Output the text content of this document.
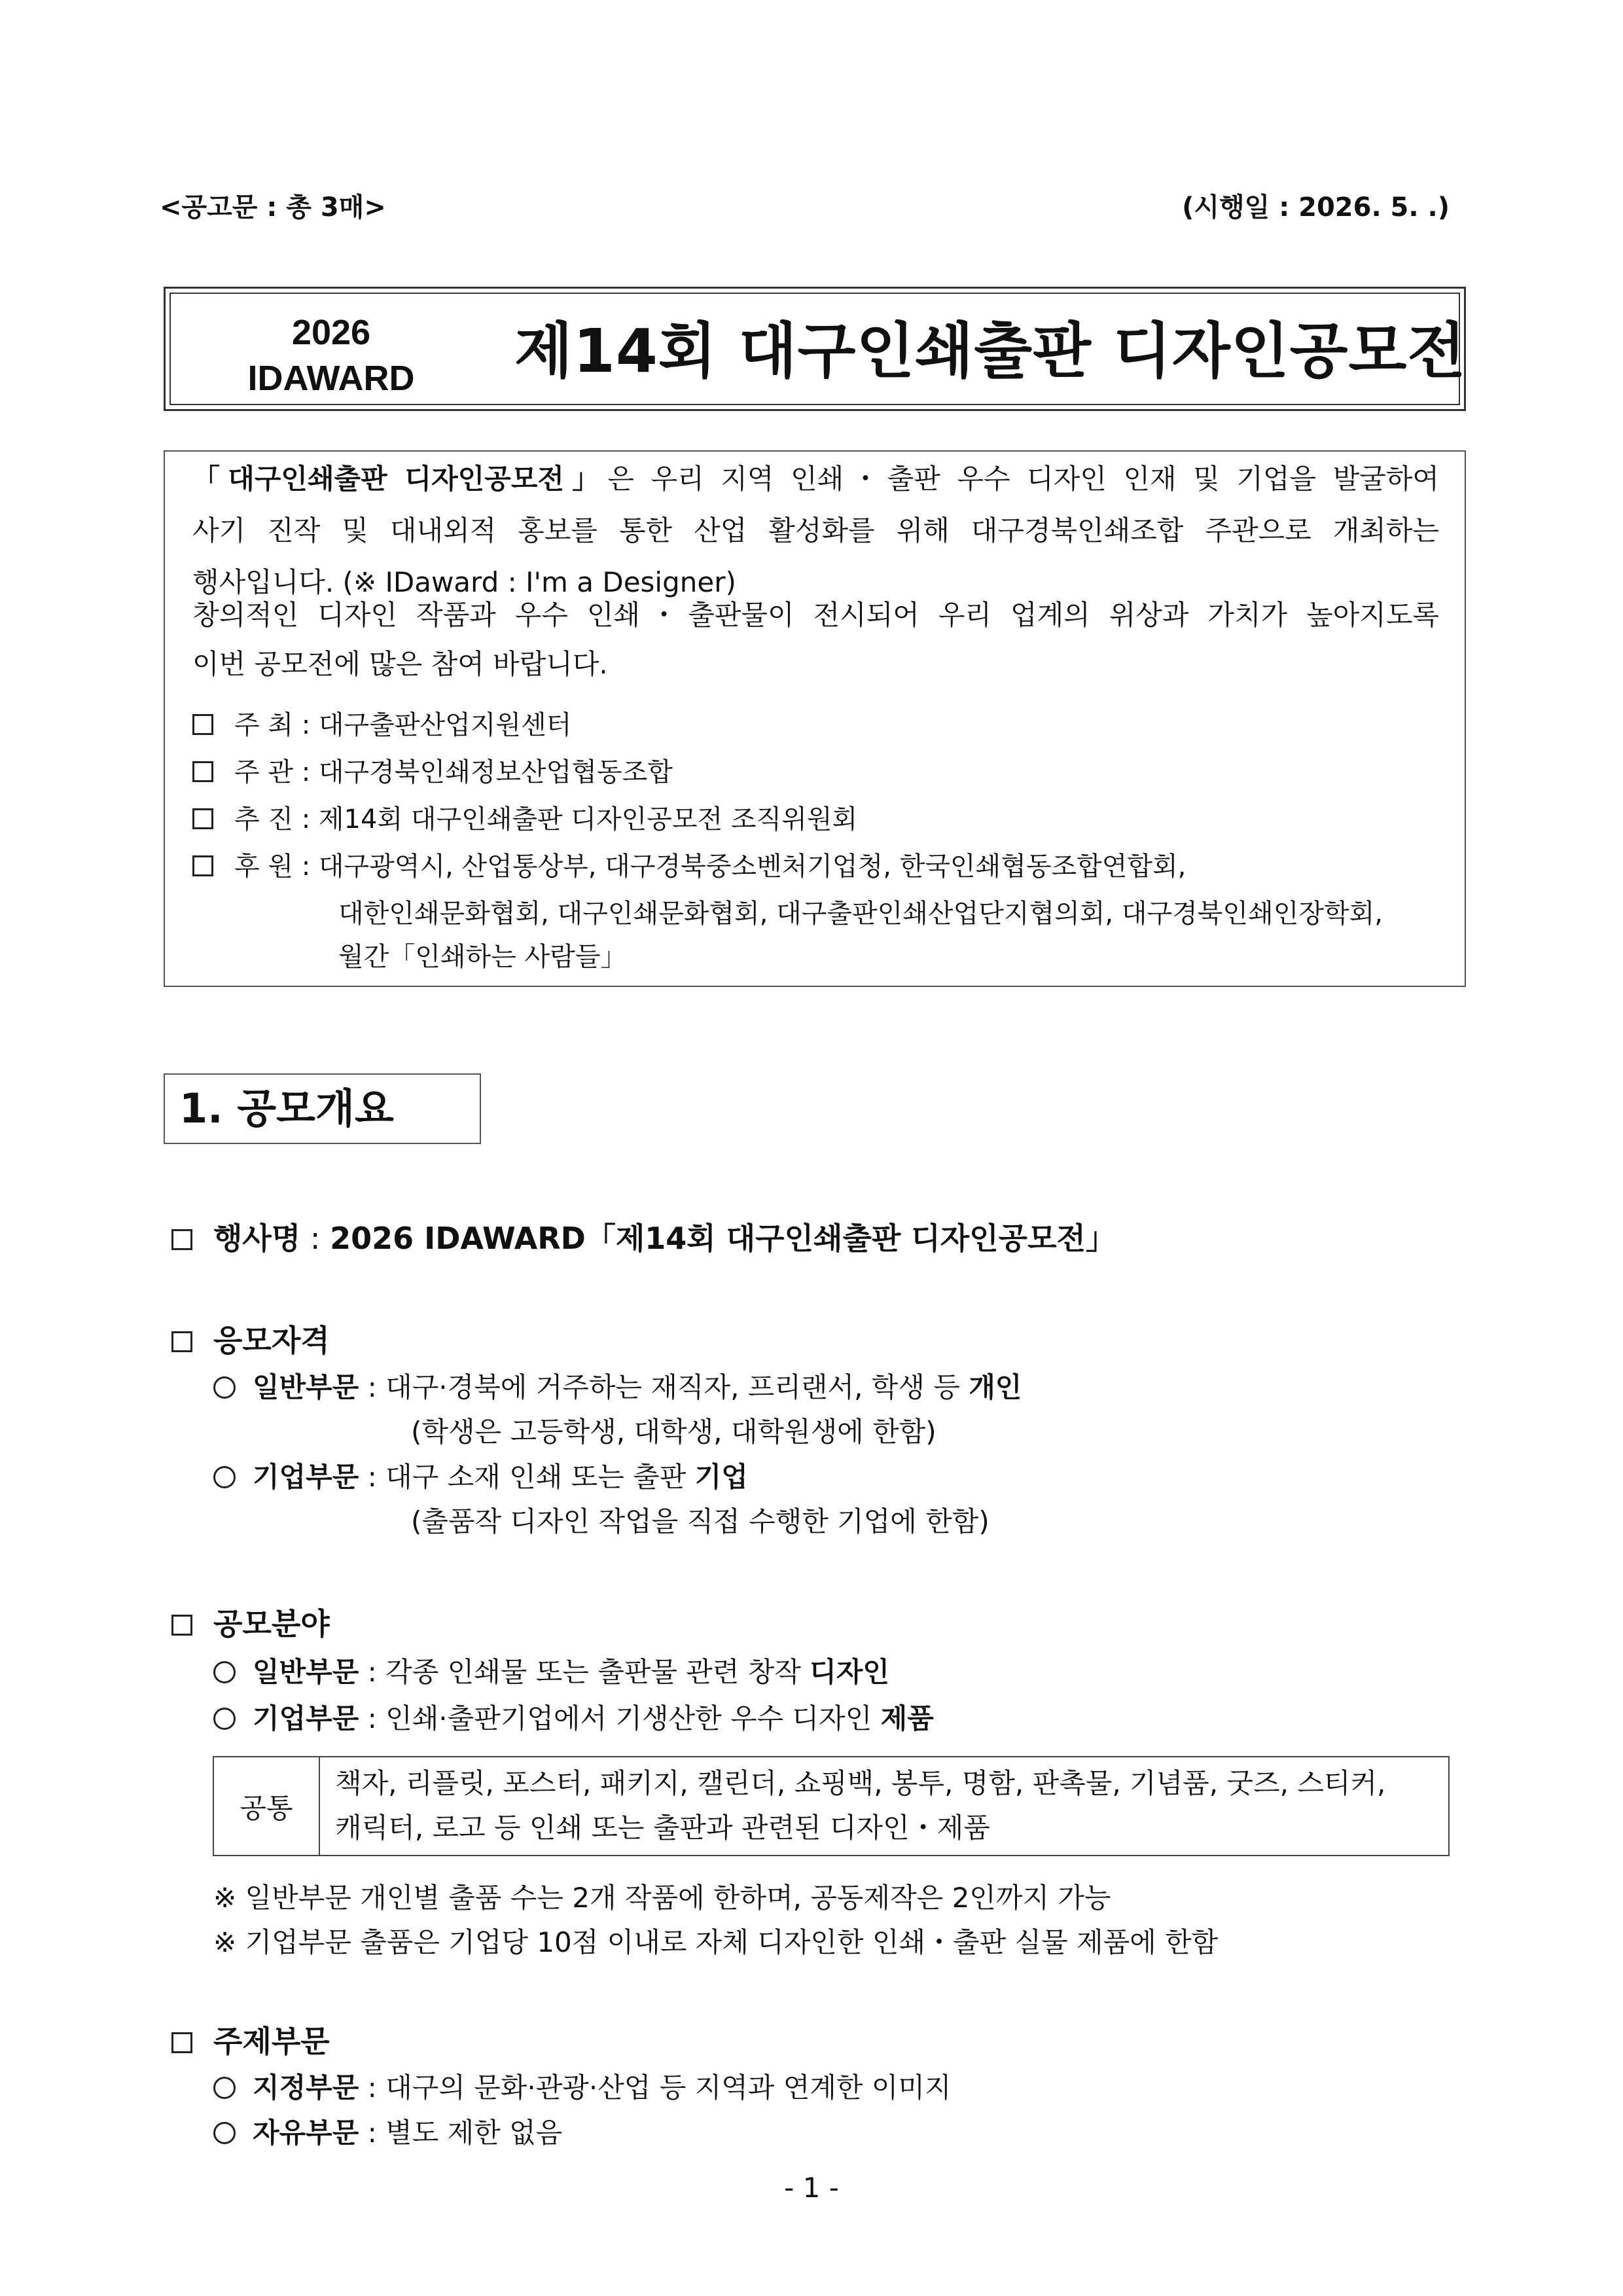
<공고문 : 총 3매>	(시행일 : 2026. 5. .)
2026
IDAWARD 제14회 대구인쇄출판 디자인공모전
「대구인쇄출판 디자인공모전」은 우리 지역 인쇄・출판 우수 디자인 인재 및 기업을 발굴하여
사기 진작 및 대내외적 홍보를 통한 산업 활성화를 위해 대구경북인쇄조합 주관으로 개최하는
행사입니다. (※ IDaward : I'm a Designer)
창의적인 디자인 작품과 우수 인쇄・출판물이 전시되어 우리 업계의 위상과 가치가 높아지도록
이번 공모전에 많은 참여 바랍니다.
주 최 : 대구출판산업지원센터
주 관 : 대구경북인쇄정보산업협동조합
추 진 : 제14회 대구인쇄출판 디자인공모전 조직위원회
후 원 : 대구광역시, 산업통상부, 대구경북중소벤처기업청, 한국인쇄협동조합연합회,
대한인쇄문화협회, 대구인쇄문화협회, 대구출판인쇄산업단지협의회, 대구경북인쇄인장학회,
월간「인쇄하는 사람들」
1. 공모개요
행사명 : 2026 IDAWARD「제14회 대구인쇄출판 디자인공모전」
응모자격
일반부문 : 대구·경북에 거주하는 재직자, 프리랜서, 학생 등 개인
(학생은 고등학생, 대학생, 대학원생에 한함)
기업부문 : 대구 소재 인쇄 또는 출판 기업
(출품작 디자인 작업을 직접 수행한 기업에 한함)
공모분야
일반부문 : 각종 인쇄물 또는 출판물 관련 창작 디자인
기업부문 : 인쇄·출판기업에서 기생산한 우수 디자인 제품
공통
책자, 리플릿, 포스터, 패키지, 캘린더, 쇼핑백, 봉투, 명함, 판촉물, 기념품, 굿즈, 스티커,
캐릭터, 로고 등 인쇄 또는 출판과 관련된 디자인・제품
※ 일반부문 개인별 출품 수는 2개 작품에 한하며, 공동제작은 2인까지 가능
※ 기업부문 출품은 기업당 10점 이내로 자체 디자인한 인쇄・출판 실물 제품에 한함
주제부문
지정부문 : 대구의 문화·관광·산업 등 지역과 연계한 이미지
자유부문 : 별도 제한 없음
- 1 -
